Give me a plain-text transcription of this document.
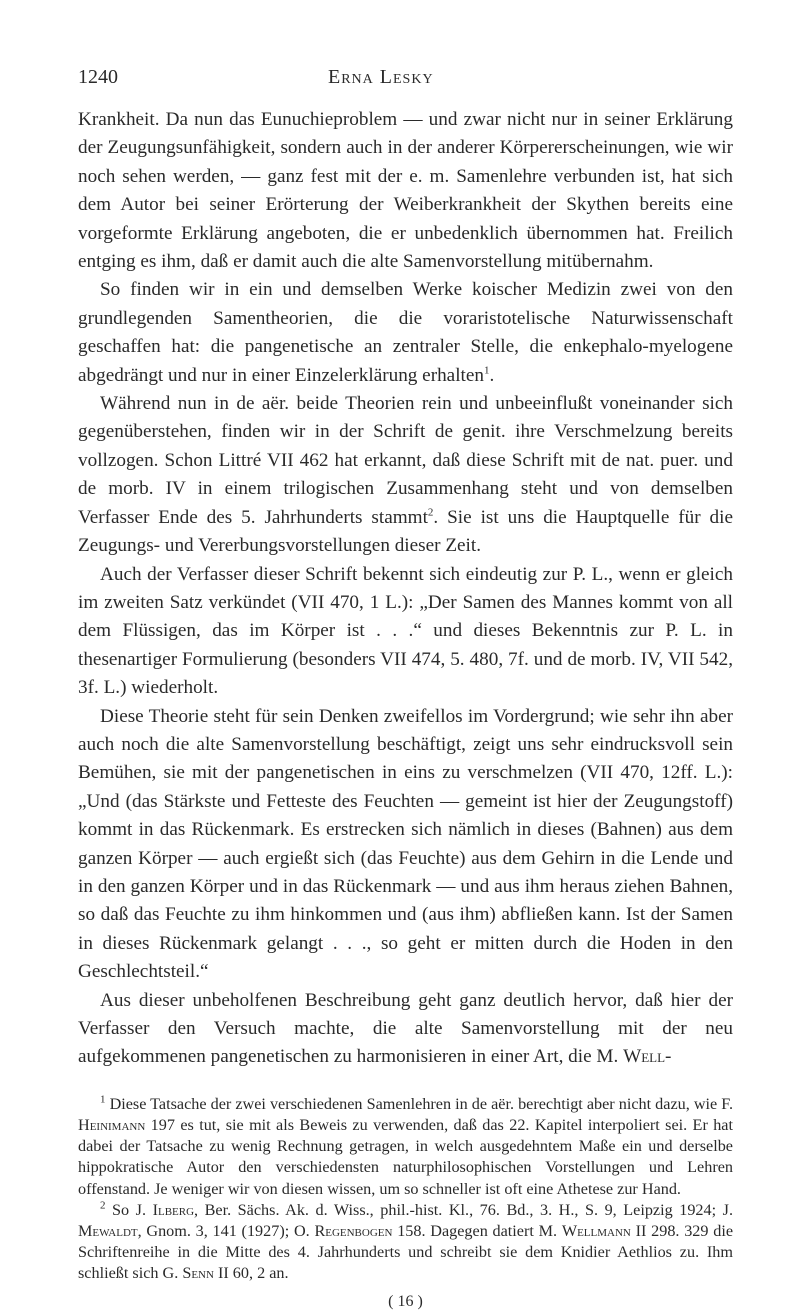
1240	Erna Lesky

Krankheit. Da nun das Eunuchieproblem — und zwar nicht nur in seiner Erklärung der Zeugungsunfähigkeit, sondern auch in der anderer Körpererscheinungen, wie wir noch sehen werden, — ganz fest mit der e. m. Samenlehre verbunden ist, hat sich dem Autor bei seiner Erörterung der Weiberkrankheit der Skythen bereits eine vorgeformte Erklärung angeboten, die er unbedenklich übernommen hat. Freilich entging es ihm, daß er damit auch die alte Samenvorstellung mitübernahm.

So finden wir in ein und demselben Werke koischer Medizin zwei von den grundlegenden Samentheorien, die die voraristotelische Naturwissenschaft geschaffen hat: die pangenetische an zentraler Stelle, die enkephalo-myelogene abgedrängt und nur in einer Einzelerklärung erhalten$^1$.

Während nun in de aër. beide Theorien rein und unbeeinflußt voneinander sich gegenüberstehen, finden wir in der Schrift de genit. ihre Verschmelzung bereits vollzogen. Schon Littré VII 462 hat erkannt, daß diese Schrift mit de nat. puer. und de morb. IV in einem trilogischen Zusammenhang steht und von demselben Verfasser Ende des 5. Jahrhunderts stammt$^2$. Sie ist uns die Hauptquelle für die Zeugungs- und Vererbungsvorstellungen dieser Zeit.

Auch der Verfasser dieser Schrift bekennt sich eindeutig zur P. L., wenn er gleich im zweiten Satz verkündet (VII 470, 1 L.): „Der Samen des Mannes kommt von all dem Flüssigen, das im Körper ist . . .“ und dieses Bekenntnis zur P. L. in thesenartiger Formulierung (besonders VII 474, 5. 480, 7f. und de morb. IV, VII 542, 3f. L.) wiederholt.

Diese Theorie steht für sein Denken zweifellos im Vordergrund; wie sehr ihn aber auch noch die alte Samenvorstellung beschäftigt, zeigt uns sehr eindrucksvoll sein Bemühen, sie mit der pangenetischen in eins zu verschmelzen (VII 470, 12ff. L.): „Und (das Stärkste und Fetteste des Feuchten — gemeint ist hier der Zeugungstoff) kommt in das Rückenmark. Es erstrecken sich nämlich in dieses (Bahnen) aus dem ganzen Körper — auch ergießt sich (das Feuchte) aus dem Gehirn in die Lende und in den ganzen Körper und in das Rückenmark — und aus ihm heraus ziehen Bahnen, so daß das Feuchte zu ihm hinkommen und (aus ihm) abfließen kann. Ist der Samen in dieses Rückenmark gelangt . . ., so geht er mitten durch die Hoden in den Geschlechtsteil.“

Aus dieser unbeholfenen Beschreibung geht ganz deutlich hervor, daß hier der Verfasser den Versuch machte, die alte Samenvorstellung mit der neu aufgekommenen pangenetischen zu harmonisieren in einer Art, die M. Well-

$^1$ Diese Tatsache der zwei verschiedenen Samenlehren in de aër. berechtigt aber nicht dazu, wie F. Heinimann 197 es tut, sie mit als Beweis zu verwenden, daß das 22. Kapitel interpoliert sei. Er hat dabei der Tatsache zu wenig Rechnung getragen, in welch ausgedehntem Maße ein und derselbe hippokratische Autor den verschiedensten naturphilosophischen Vorstellungen und Lehren offenstand. Je weniger wir von diesen wissen, um so schneller ist oft eine Athetese zur Hand.

$^2$ So J. Ilberg, Ber. Sächs. Ak. d. Wiss., phil.-hist. Kl., 76. Bd., 3. H., S. 9, Leipzig 1924; J. Mewaldt, Gnom. 3, 141 (1927); O. Regenbogen 158. Dagegen datiert M. Wellmann II 298. 329 die Schriftenreihe in die Mitte des 4. Jahrhunderts und schreibt sie dem Knidier Aethlios zu. Ihm schließt sich G. Senn II 60, 2 an.

( 16 )
